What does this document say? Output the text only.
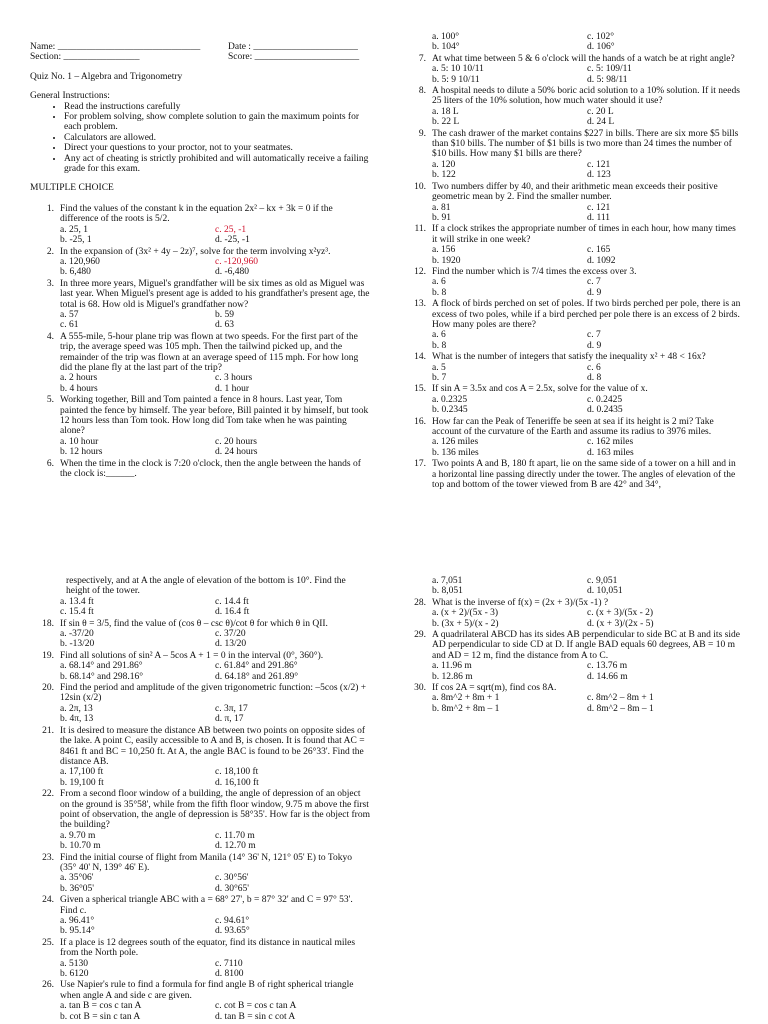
Name: ______________________________	Date : ______________________
Section: ________________	Score: ______________________
Quiz No. 1 – Algebra and Trigonometry
General Instructions:
• Read the instructions carefully
• For problem solving, show complete solution to gain the maximum points for each problem.
• Calculators are allowed.
• Direct your questions to your proctor, not to your seatmates.
• Any act of cheating is strictly prohibited and will automatically receive a failing grade for this exam.
MULTIPLE CHOICE
1. Find the values of the constant k in the equation 2x² – kx + 3k = 0 if the difference of the roots is 5/2.
a. 25, 1	c. 25, -1
b. -25, 1	d. -25, -1
2. In the expansion of (3x² + 4y – 2z)⁷, solve for the term involving x²yz³.
a. 120,960	c. -120,960
b. 6,480	d. -6,480
3. In three more years, Miguel's grandfather will be six times as old as Miguel was last year. When Miguel's present age is added to his grandfather's present age, the total is 68. How old is Miguel's grandfather now?
a. 57	b. 59
c. 61	d. 63
4. A 555-mile, 5-hour plane trip was flown at two speeds. For the first part of the trip, the average speed was 105 mph. Then the tailwind picked up, and the remainder of the trip was flown at an average speed of 115 mph. For how long did the plane fly at the last part of the trip?
a. 2 hours	c. 3 hours
b. 4 hours	d. 1 hour
5. Working together, Bill and Tom painted a fence in 8 hours. Last year, Tom painted the fence by himself. The year before, Bill painted it by himself, but took 12 hours less than Tom took. How long did Tom take when he was painting alone?
a. 10 hour	c. 20 hours
b. 12 hours	d. 24 hours
6. When the time in the clock is 7:20 o'clock, then the angle between the hands of the clock is:______.
a. 100°	c. 102°
b. 104°	d. 106°
7. At what time between 5 & 6 o'clock will the hands of a watch be at right angle?
a. 5: 10 10/11	c. 5: 109/11
b. 5: 9 10/11	d. 5: 98/11
8. A hospital needs to dilute a 50% boric acid solution to a 10% solution. If it needs 25 liters of the 10% solution, how much water should it use?
a. 18 L	c. 20 L
b. 22 L	d. 24 L
9. The cash drawer of the market contains $227 in bills. There are six more $5 bills than $10 bills. The number of $1 bills is two more than 24 times the number of $10 bills. How many $1 bills are there?
a. 120	c. 121
b. 122	d. 123
10. Two numbers differ by 40, and their arithmetic mean exceeds their positive geometric mean by 2. Find the smaller number.
a. 81	c. 121
b. 91	d. 111
11. If a clock strikes the appropriate number of times in each hour, how many times it will strike in one week?
a. 156	c. 165
b. 1920	d. 1092
12. Find the number which is 7/4 times the excess over 3.
a. 6	c. 7
b. 8	d. 9
13. A flock of birds perched on set of poles. If two birds perched per pole, there is an excess of two poles, while if a bird perched per pole there is an excess of 2 birds. How many poles are there?
a. 6	c. 7
b. 8	d. 9
14. What is the number of integers that satisfy the inequality x² + 48 < 16x?
a. 5	c. 6
b. 7	d. 8
15. If sin A = 3.5x and cos A = 2.5x, solve for the value of x.
a. 0.2325	c. 0.2425
b. 0.2345	d. 0.2435
16. How far can the Peak of Teneriffe be seen at sea if its height is 2 mi? Take account of the curvature of the Earth and assume its radius to 3976 miles.
a. 126 miles	c. 162 miles
b. 136 miles	d. 163 miles
17. Two points A and B, 180 ft apart, lie on the same side of a tower on a hill and in a horizontal line passing directly under the tower. The angles of elevation of the top and bottom of the tower viewed from B are 42° and 34°,
respectively, and at A the angle of elevation of the bottom is 10°. Find the height of the tower.
a. 13.4 ft	c. 14.4 ft
c. 15.4 ft	d. 16.4 ft
18. If sin θ = 3/5, find the value of (cos θ – csc θ)/cot θ for which θ in QII.
a. -37/20	c. 37/20
b. -13/20	d. 13/20
19. Find all solutions of sin² A – 5cos A + 1 = 0 in the interval (0°, 360°).
a. 68.14° and 291.86°	c. 61.84° and 291.86°
b. 68.14° and 298.16°	d. 64.18° and 261.89°
20. Find the period and amplitude of the given trigonometric function: –5cos (x/2) + 12sin (x/2)
a. 2π, 13	c. 3π, 17
b. 4π, 13	d. π, 17
21. It is desired to measure the distance AB between two points on opposite sides of the lake. A point C, easily accessible to A and B, is chosen. It is found that AC = 8461 ft and BC = 10,250 ft. At A, the angle BAC is found to be 26°33'. Find the distance AB.
a. 17,100 ft	c. 18,100 ft
b. 19,100 ft	d. 16,100 ft
22. From a second floor window of a building, the angle of depression of an object on the ground is 35°58', while from the fifth floor window, 9.75 m above the first point of observation, the angle of depression is 58°35'. How far is the object from the building?
a. 9.70 m	c. 11.70 m
b. 10.70 m	d. 12.70 m
23. Find the initial course of flight from Manila (14° 36' N, 121° 05' E) to Tokyo (35° 40' N, 139° 46' E).
a. 35°06'	c. 30°56'
b. 36°05'	d. 30°65'
24. Given a spherical triangle ABC with a = 68° 27', b = 87° 32' and C = 97° 53'. Find c.
a. 96.41°	c. 94.61°
b. 95.14°	d. 93.65°
25. If a place is 12 degrees south of the equator, find its distance in nautical miles from the North pole.
a. 5130	c. 7110
b. 6120	d. 8100
26. Use Napier's rule to find a formula for find angle B of right spherical triangle when angle A and side c are given.
a. tan B = cos c tan A	c. cot B = cos c tan A
b. cot B = sin c tan A	d. tan B = sin c cot A
a. 7,051	c. 9,051
b. 8,051	d. 10,051
28. What is the inverse of f(x) = (2x + 3)/(5x -1) ?
a. (x + 2)/(5x - 3)	c. (x + 3)/(5x - 2)
b. (3x + 5)/(x - 2)	d. (x + 3)/(2x - 5)
29. A quadrilateral ABCD has its sides AB perpendicular to side BC at B and its side AD perpendicular to side CD at D. If angle BAD equals 60 degrees, AB = 10 m and AD = 12 m, find the distance from A to C.
a. 11.96 m	c. 13.76 m
b. 12.86 m	d. 14.66 m
30. If cos 2A = sqrt(m), find cos 8A.
a. 8m^2 + 8m + 1	c. 8m^2 – 8m + 1
b. 8m^2 + 8m – 1	d. 8m^2 – 8m – 1
